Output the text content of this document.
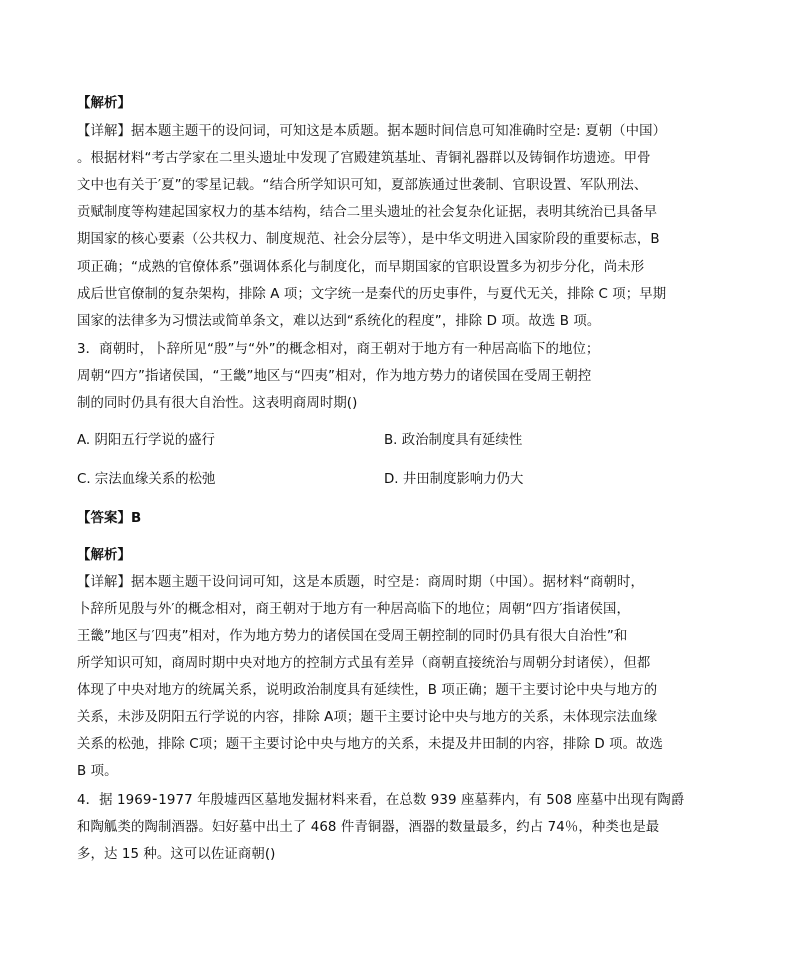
【解析】
【详解】据本题主题干的设问词，可知这是本质题。据本题时间信息可知准确时空是: 夏朝（中国）
。根据材料“考古学家在二里头遗址中发现了宫殿建筑基址、青铜礼器群以及铸铜作坊遗迹。甲骨
文中也有关于′夏”的零星记载。“结合所学知识可知，夏部族通过世袭制、官职设置、军队刑法、
贡赋制度等构建起国家权力的基本结构，结合二里头遗址的社会复杂化证据，表明其统治已具备早
期国家的核心要素（公共权力、制度规范、社会分层等），是中华文明进入国家阶段的重要标志，B
项正确；“成熟的官僚体系”强调体系化与制度化，而早期国家的官职设置多为初步分化，尚未形
成后世官僚制的复杂架构，排除 A 项；文字统一是秦代的历史事件，与夏代无关，排除 C 项；早期
国家的法律多为习惯法或简单条文，难以达到“系统化的程度”，排除 D 项。故选 B 项。
3．商朝时，卜辞所见“殷”与“外”的概念相对，商王朝对于地方有一种居高临下的地位；
周朝“四方”指诸侯国，“王畿”地区与“四夷”相对，作为地方势力的诸侯国在受周王朝控
制的同时仍具有很大自治性。这表明商周时期()
A. 阴阳五行学说的盛行	B. 政治制度具有延续性
C. 宗法血缘关系的松弛	D. 井田制度影响力仍大
【答案】B
【解析】
【详解】据本题主题干设问词可知，这是本质题，时空是：商周时期（中国）。据材料“商朝时，
卜辞所见殷与外′的概念相对，商王朝对于地方有一种居高临下的地位；周朝“四方′指诸侯国，
王畿”地区与′四夷”相对，作为地方势力的诸侯国在受周王朝控制的同时仍具有很大自治性”和
所学知识可知，商周时期中央对地方的控制方式虽有差异（商朝直接统治与周朝分封诸侯），但都
体现了中央对地方的统属关系，说明政治制度具有延续性，B 项正确；题干主要讨论中央与地方的
关系，未涉及阴阳五行学说的内容，排除 A项；题干主要讨论中央与地方的关系，未体现宗法血缘
关系的松弛，排除 C项；题干主要讨论中央与地方的关系，未提及井田制的内容，排除 D 项。故选
B 项。
4．据 1969⁃1977 年殷墟西区墓地发掘材料来看，在总数 939 座墓葬内，有 508 座墓中出现有陶爵
和陶觚类的陶制酒器。妇好墓中出土了 468 件青铜器，酒器的数量最多，约占 74％，种类也是最
多，达 15 种。这可以佐证商朝()
